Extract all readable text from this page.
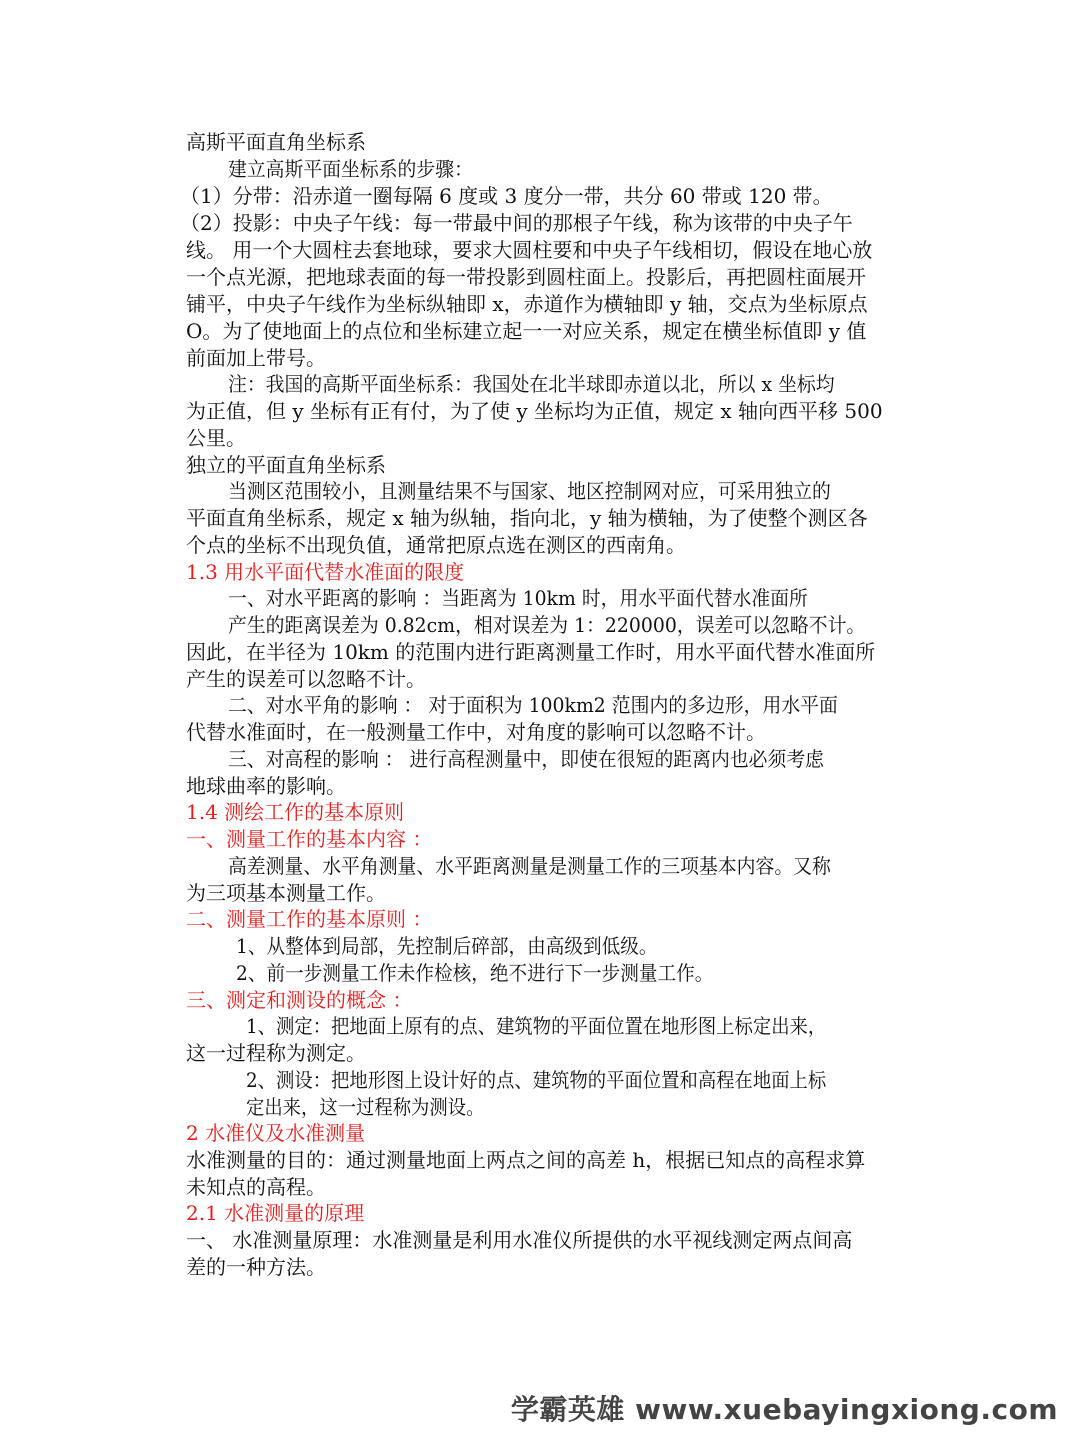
高斯平面直角坐标系
建立高斯平面坐标系的步骤：
（1）分带：沿赤道一圈每隔 6 度或 3 度分一带，共分 60 带或 120 带。
（2）投影：中央子午线：每一带最中间的那根子午线，称为该带的中央子午
线。 用一个大圆柱去套地球，要求大圆柱要和中央子午线相切，假设在地心放
一个点光源，把地球表面的每一带投影到圆柱面上。投影后，再把圆柱面展开
铺平，中央子午线作为坐标纵轴即 x，赤道作为横轴即 y 轴，交点为坐标原点
O。为了使地面上的点位和坐标建立起一一对应关系，规定在横坐标值即 y 值
前面加上带号。
注：我国的高斯平面坐标系：我国处在北半球即赤道以北，所以 x 坐标均
为正值，但 y 坐标有正有付，为了使 y 坐标均为正值，规定 x 轴向西平移 500
公里。
独立的平面直角坐标系
当测区范围较小，且测量结果不与国家、地区控制网对应，可采用独立的
平面直角坐标系，规定 x 轴为纵轴，指向北，y 轴为横轴，为了使整个测区各
个点的坐标不出现负值，通常把原点选在测区的西南角。
1.3 用水平面代替水准面的限度
一、对水平距离的影响 ：当距离为 10km 时，用水平面代替水准面所
产生的距离误差为 0.82cm，相对误差为 1：220000，误差可以忽略不计。
因此，在半径为 10km 的范围内进行距离测量工作时，用水平面代替水准面所
产生的误差可以忽略不计。
二、对水平角的影响 ： 对于面积为 100km2 范围内的多边形，用水平面
代替水准面时，在一般测量工作中，对角度的影响可以忽略不计。
三、对高程的影响 ： 进行高程测量中，即使在很短的距离内也必须考虑
地球曲率的影响。
1.4 测绘工作的基本原则
一、测量工作的基本内容 ：
高差测量、水平角测量、水平距离测量是测量工作的三项基本内容。又称
为三项基本测量工作。
二、测量工作的基本原则 ：
1、从整体到局部，先控制后碎部，由高级到低级。
2、前一步测量工作未作检核，绝不进行下一步测量工作。
三、测定和测设的概念 ：
1、测定：把地面上原有的点、建筑物的平面位置在地形图上标定出来，
这一过程称为测定。
2、测设：把地形图上设计好的点、建筑物的平面位置和高程在地面上标
定出来，这一过程称为测设。
2 水准仪及水准测量
水准测量的目的：通过测量地面上两点之间的高差 h，根据已知点的高程求算
未知点的高程。
2.1 水准测量的原理
一、 水准测量原理：水准测量是利用水准仪所提供的水平视线测定两点间高
差的一种方法。
学霸英雄 www.xuebayingxiong.com
